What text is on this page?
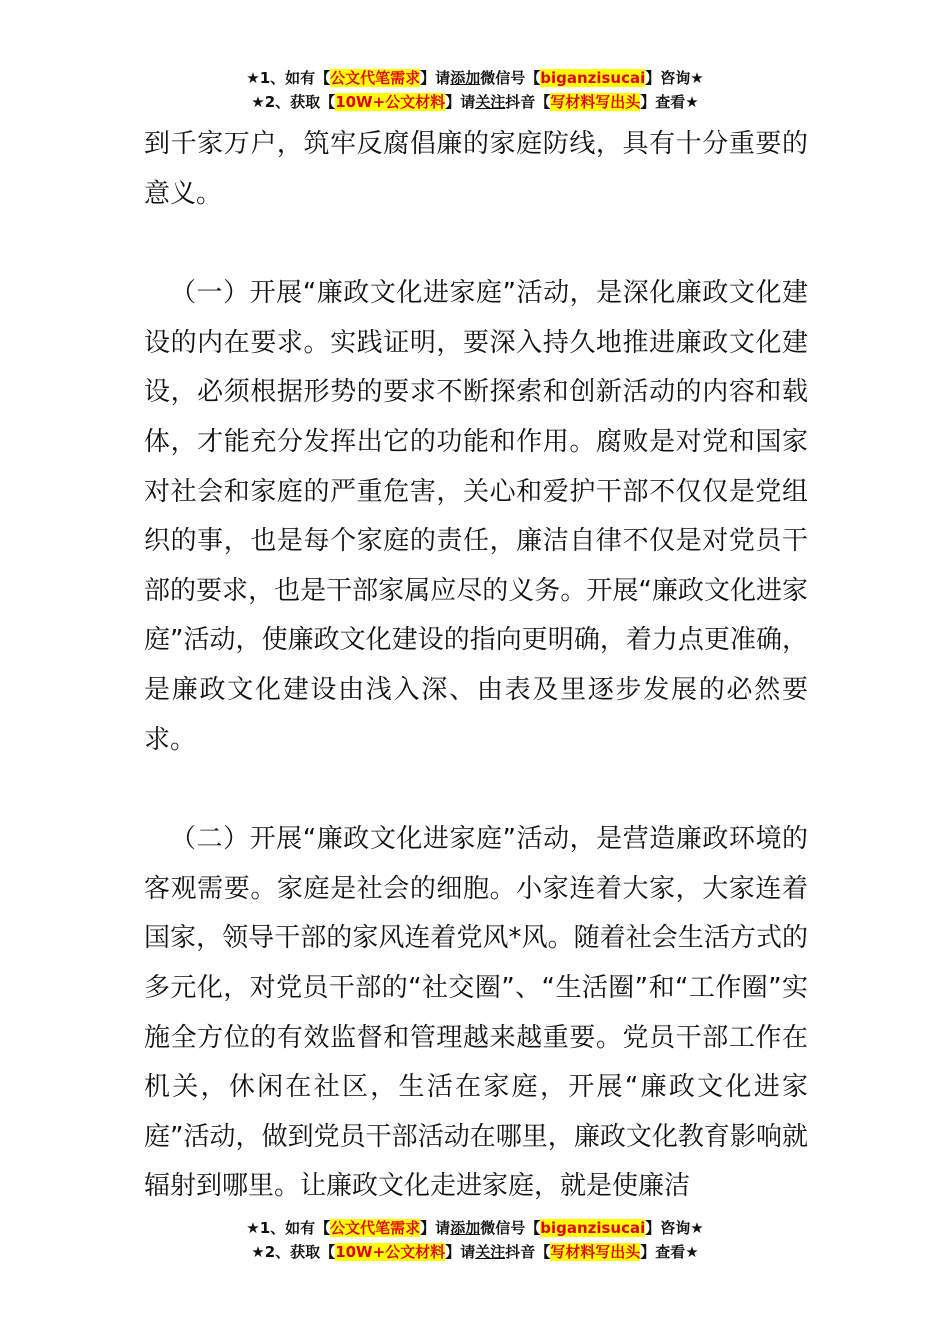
★1、如有【公文代笔需求】请添加微信号【biganzisucai】咨询★
★2、获取【10W+公文材料】请关注抖音【写材料写出头】查看★

到千家万户，筑牢反腐倡廉的家庭防线，具有十分重要的意义。

（一）开展“廉政文化进家庭”活动，是深化廉政文化建设的内在要求。实践证明，要深入持久地推进廉政文化建设，必须根据形势的要求不断探索和创新活动的内容和载体，才能充分发挥出它的功能和作用。腐败是对党和国家对社会和家庭的严重危害，关心和爱护干部不仅仅是党组织的事，也是每个家庭的责任，廉洁自律不仅是对党员干部的要求，也是干部家属应尽的义务。开展“廉政文化进家庭”活动，使廉政文化建设的指向更明确，着力点更准确，是廉政文化建设由浅入深、由表及里逐步发展的必然要求。

（二）开展“廉政文化进家庭”活动，是营造廉政环境的客观需要。家庭是社会的细胞。小家连着大家，大家连着国家，领导干部的家风连着党风*风。随着社会生活方式的多元化，对党员干部的“社交圈”、“生活圈”和“工作圈”实施全方位的有效监督和管理越来越重要。党员干部工作在机关，休闲在社区，生活在家庭，开展“廉政文化进家庭”活动，做到党员干部活动在哪里，廉政文化教育影响就辐射到哪里。让廉政文化走进家庭，就是使廉洁

★1、如有【公文代笔需求】请添加微信号【biganzisucai】咨询★
★2、获取【10W+公文材料】请关注抖音【写材料写出头】查看★
